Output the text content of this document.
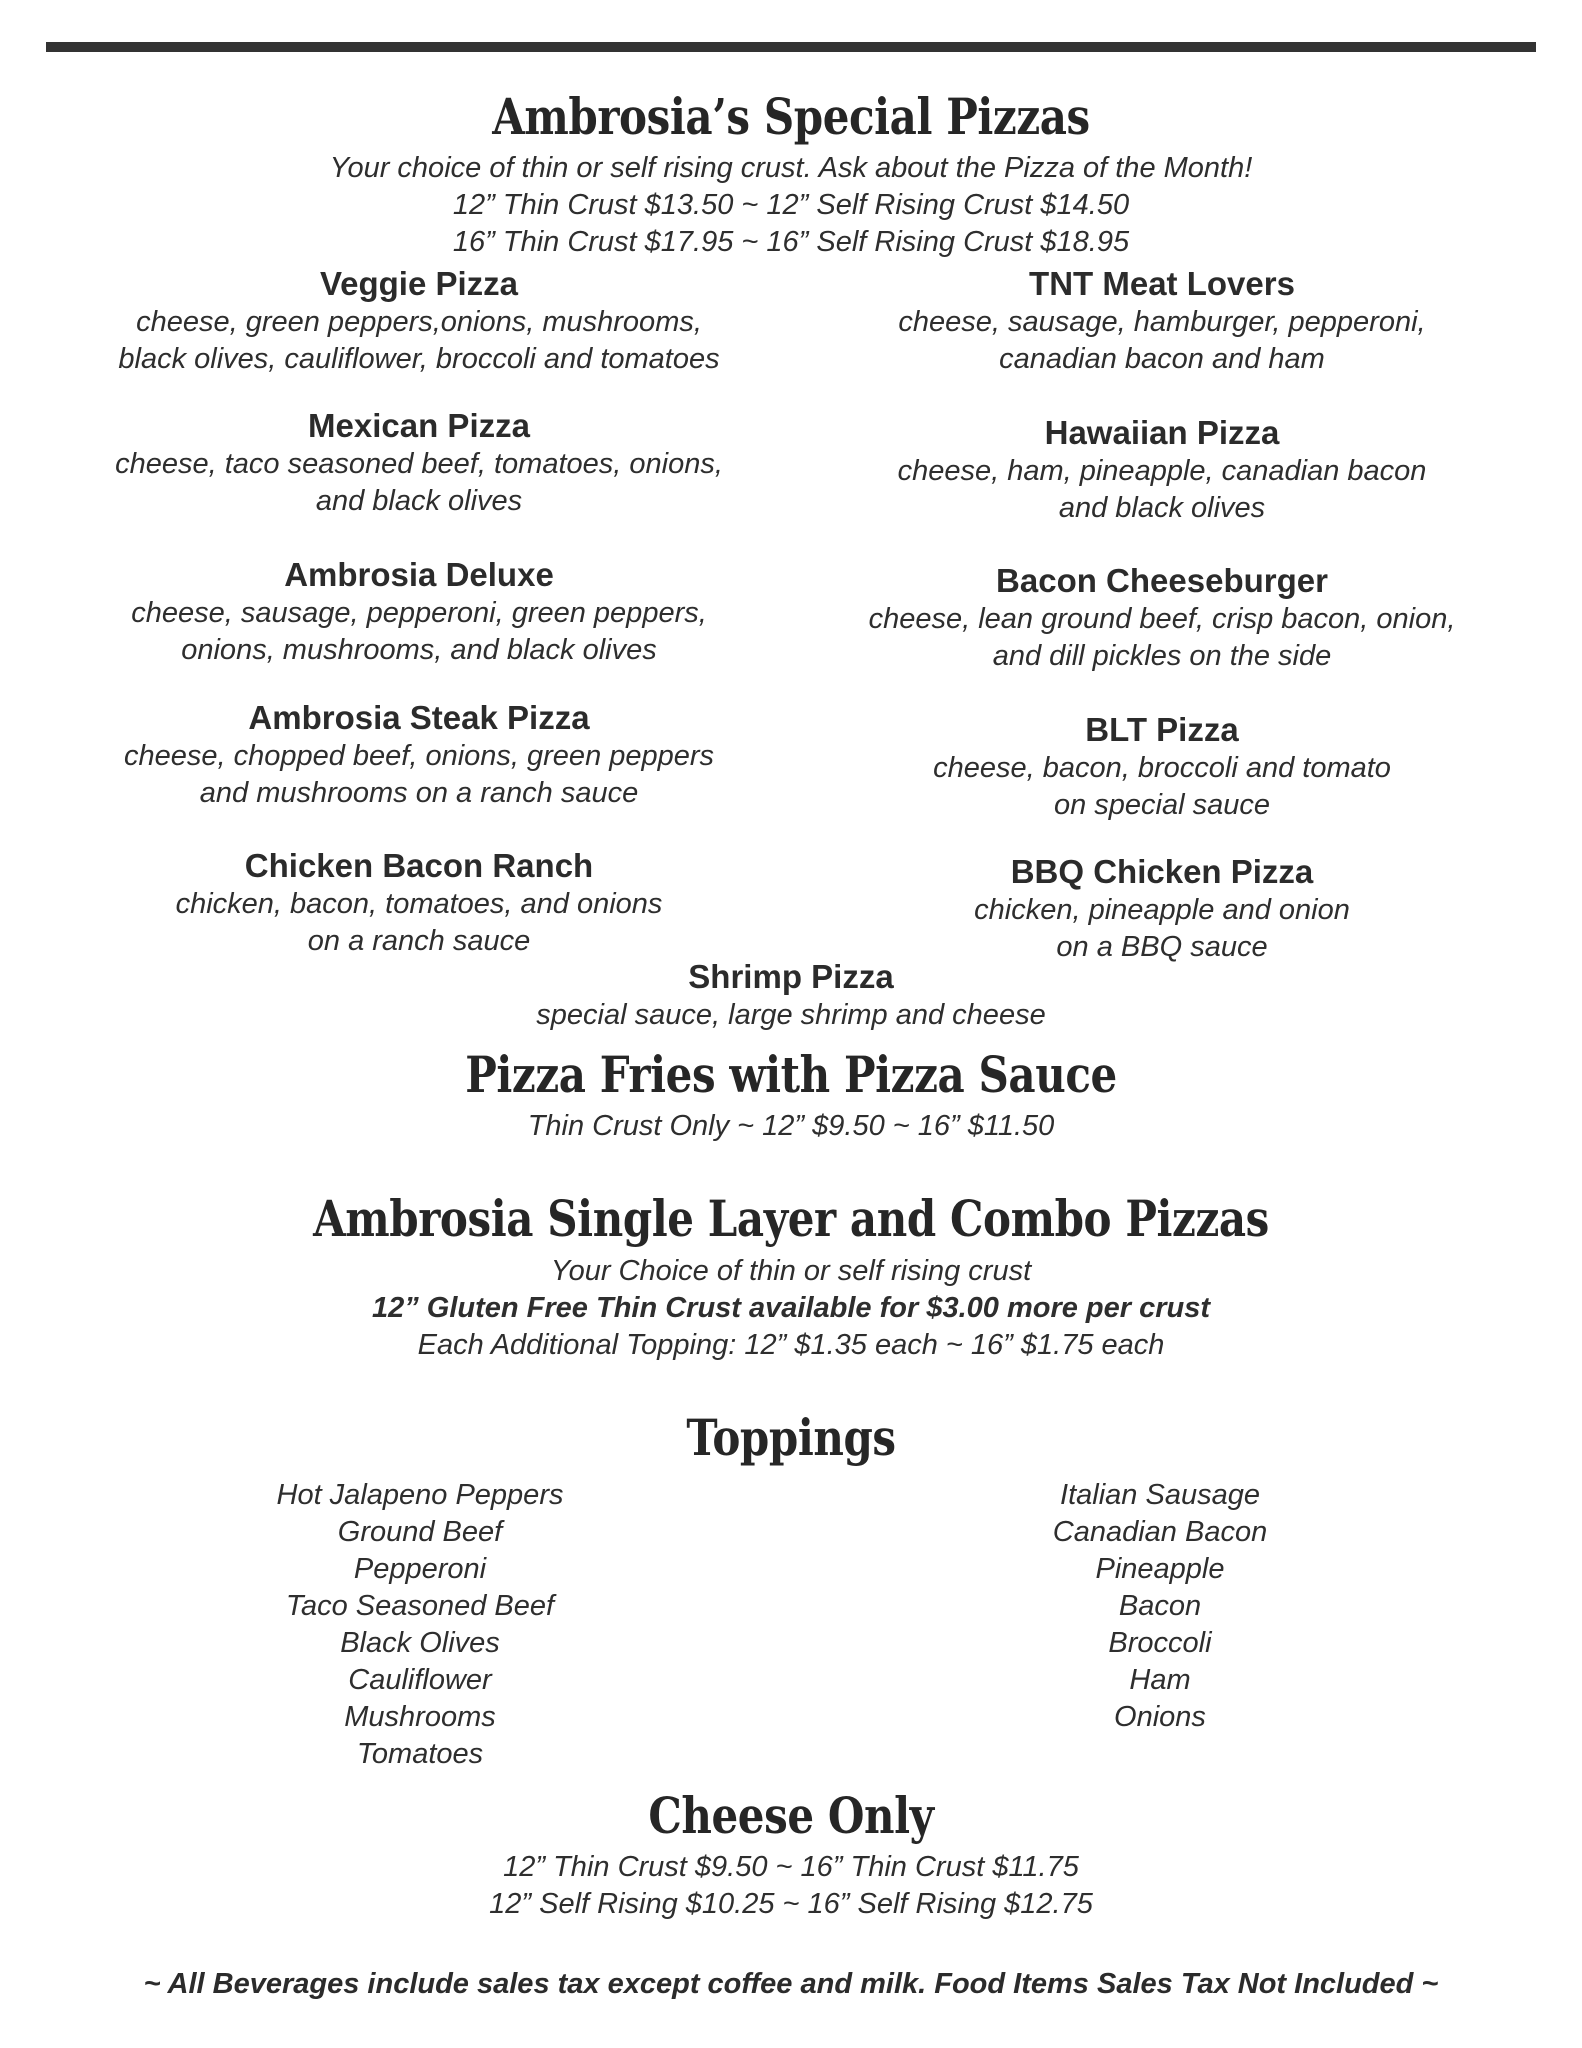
Ambrosia’s Special Pizzas
Your choice of thin or self rising crust. Ask about the Pizza of the Month!
12” Thin Crust $13.50 ~ 12” Self Rising Crust $14.50
16” Thin Crust $17.95 ~ 16” Self Rising Crust $18.95
Veggie Pizza
cheese, green peppers,onions, mushrooms,
black olives, cauliflower, broccoli and tomatoes
Mexican Pizza
cheese, taco seasoned beef, tomatoes, onions,
and black olives
Ambrosia Deluxe
cheese, sausage, pepperoni, green peppers,
onions, mushrooms, and black olives
Ambrosia Steak Pizza
cheese, chopped beef, onions, green peppers
and mushrooms on a ranch sauce
Chicken Bacon Ranch
chicken, bacon, tomatoes, and onions
on a ranch sauce
TNT Meat Lovers
cheese, sausage, hamburger, pepperoni,
canadian bacon and ham
Hawaiian Pizza
cheese, ham, pineapple, canadian bacon
and black olives
Bacon Cheeseburger
cheese, lean ground beef, crisp bacon, onion,
and dill pickles on the side
BLT Pizza
cheese, bacon, broccoli and tomato
on special sauce
BBQ Chicken Pizza
chicken, pineapple and onion
on a BBQ sauce
Shrimp Pizza
special sauce, large shrimp and cheese
Pizza Fries with Pizza Sauce
Thin Crust Only ~ 12” $9.50 ~ 16” $11.50
Ambrosia Single Layer and Combo Pizzas
Your Choice of thin or self rising crust
12” Gluten Free Thin Crust available for $3.00 more per crust
Each Additional Topping: 12” $1.35 each ~ 16” $1.75 each
Toppings
Hot Jalapeno Peppers
Ground Beef
Pepperoni
Taco Seasoned Beef
Black Olives
Cauliflower
Mushrooms
Tomatoes
Italian Sausage
Canadian Bacon
Pineapple
Bacon
Broccoli
Ham
Onions
Cheese Only
12” Thin Crust $9.50 ~ 16” Thin Crust $11.75
12” Self Rising $10.25 ~ 16” Self Rising $12.75
~ All Beverages include sales tax except coffee and milk. Food Items Sales Tax Not Included ~
